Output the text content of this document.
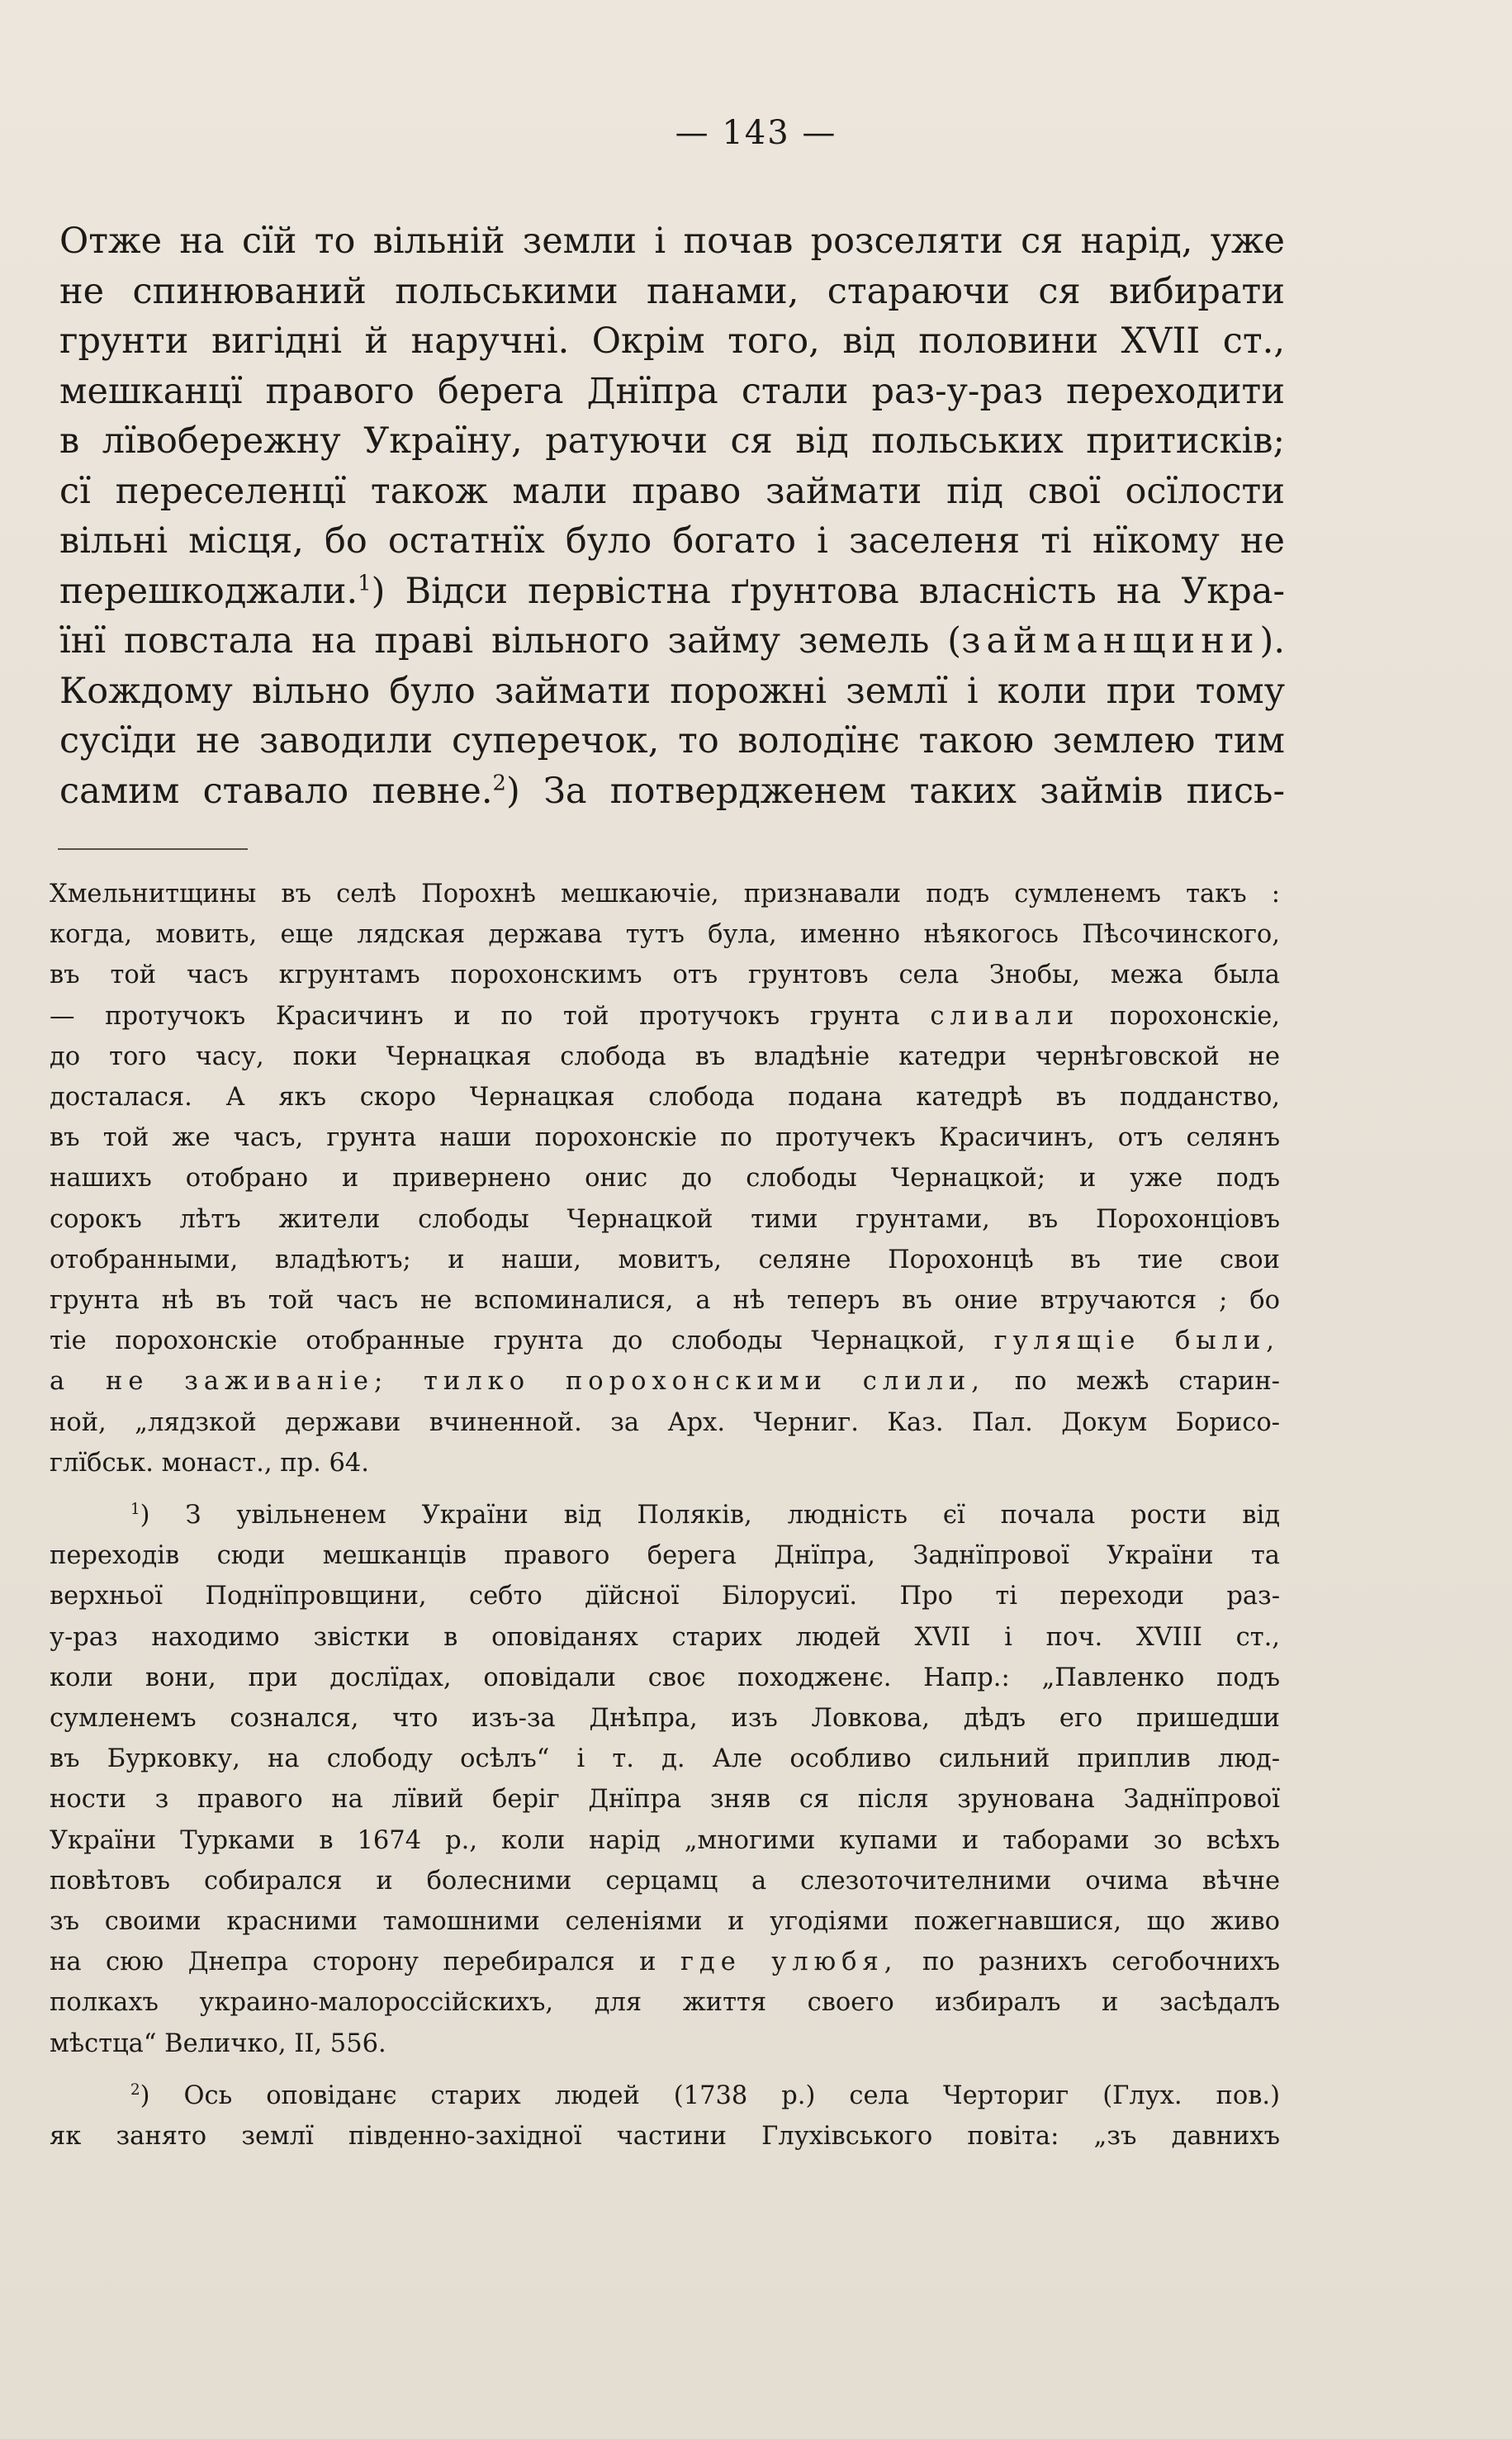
— 143 —
Отже на сїй то вільній земли і почав розселяти ся нарід, уже
не спинюваний польськими панами, стараючи ся вибирати
грунти вигідні й наручні. Окрім того, від половини XVII ст.,
мешканцї правого берега Днїпра стали раз-у-раз переходити
в лївобережну Україну, ратуючи ся від польських притисків;
сї переселенцї також мали право займати під свої осїлости
вільні місця, бо остатнїх було богато і заселеня ті нїкому не
перешкоджали.$^1$) Відси первістна ґрунтова власність на Укра-
їнї повстала на праві вільного займу земель (займанщини).
Кождому вільно було займати порожні землї і коли при тому
сусїди не заводили суперечок, то володїнє такою землею тим
самим ставало певне.$^2$) За потвердженем таких займів пись-
Хмельнитщины въ селѣ Порохнѣ мешкаючіе, признавали подъ сумленемъ такъ :
когда, мовить, еще лядская держава тутъ була, именно нѣякогось Пѣсочинского,
въ той часъ кгрунтамъ порохонскимъ отъ грунтовъ села Знобы, межа была
— протучокъ Красичинъ и по той протучокъ грунта сливали порохонскіе,
до того часу, поки Чернацкая слобода въ владѣніе катедри чернѣговской не
досталася. А якъ скоро Чернацкая слобода подана катедрѣ въ подданство,
въ той же часъ, грунта наши порохонскіе по протучекъ Красичинъ, отъ селянъ
нашихъ отобрано и привернено онис до слободы Чернацкой; и уже подъ
сорокъ лѣтъ жители слободы Чернацкой тими грунтами, въ Порохонціовъ
отобранными, владѣютъ; и наши, мовитъ, селяне Порохонцѣ въ тие свои
грунта нѣ въ той часъ не вспоминалися, а нѣ теперъ въ оние втручаются ; бо
тіе порохонскіе отобранные грунта до слободы Чернацкой, гулящіе были,
а не заживаніе; тилко порохонскими слили, по межѣ старин-
ной, „лядзкой держави вчиненной. за Арх. Черниг. Каз. Пал. Докум Борисо-
глїбськ. монаст., пр. 64.
$^1$) З увільненем України від Поляків, людність єї почала рости від
переходів сюди мешканців правого берега Днїпра, Заднїпрової України та
верхньої Поднїпровщини, себто дїйсної Білорусиї. Про ті переходи раз-
у-раз находимо звістки в оповіданях старих людей XVII і поч. XVIII ст.,
коли вони, при дослїдах, оповідали своє походженє. Напр.: „Павленко подъ
сумленемъ сознался, что изъ-за Днѣпра, изъ Ловкова, дѣдъ его пришедши
въ Бурковку, на слободу осѣлъ“ і т. д. Але особливо сильний приплив люд-
ности з правого на лївий беріг Днїпра зняв ся після зрунована Заднїпрової
України Турками в 1674 р., коли нарід „многими купами и таборами зо всѣхъ
повѣтовъ собирался и болесними серцамц а слезоточителними очима вѣчне
зъ своими красними тамошними селеніями и угодіями пожегнавшися, що живо
на сюю Днепра сторону перебирался и где улюбя, по разнихъ сегобочнихъ
полкахъ украино-малороссійскихъ, для життя своего избиралъ и засѣдалъ
мѣстца“ Величко, II, 556.
$^2$) Ось оповіданє старих людей (1738 р.) села Черториг (Глух. пов.)
як занято землї південно-західної частини Глухівського повіта: „зъ давнихъ
